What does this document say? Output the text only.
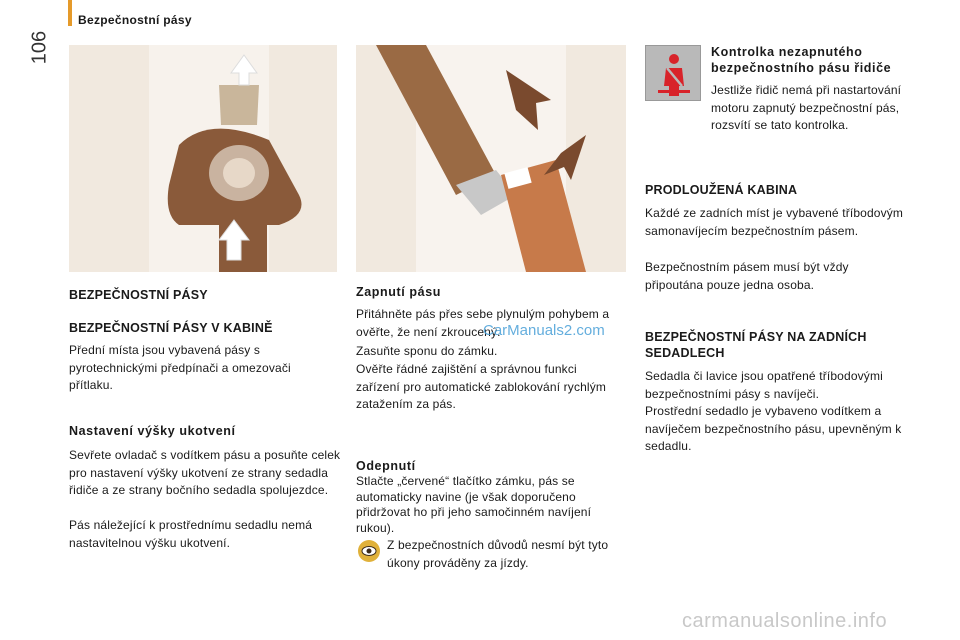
106
Bezpečnostní pásy
BEZPEČNOSTNÍ PÁSY
BEZPEČNOSTNÍ PÁSY V KABINĚ

Přední místa jsou vybavená pásy s pyrotechnickými předpínači a omezovači přítlaku.

Nastavení výšky ukotvení

Sevřete ovladač s vodítkem pásu a posuňte celek pro nastavení výšky ukotvení ze strany sedadla řidiče a ze strany bočního sedadla spolujezdce.

Pás náležející k prostřednímu sedadlu nemá nastavitelnou výšku ukotvení.

Zapnutí pásu

Přitáhněte pás přes sebe plynulým pohybem a ověřte, že není zkroucený.

Zasuňte sponu do zámku.

Ověřte řádné zajištění a správnou funkci zařízení pro automatické zablokování rychlým zatažením za pás.

Odepnutí

Stlačte „červené“ tlačítko zámku, pás se automaticky navine (je však doporučeno přidržovat ho při jeho samočinném navíjení rukou).

Z bezpečnostních důvodů nesmí být tyto úkony prováděny za jízdy.

Kontrolka nezapnutého bezpečnostního pásu řidiče

Jestliže řidič nemá při nastartování motoru zapnutý bezpečnostní pás, rozsvítí se tato kontrolka.

PRODLOUŽENÁ KABINA

Každé ze zadních míst je vybavené tříbodovým samonavíjecím bezpečnostním pásem.

Bezpečnostním pásem musí být vždy připoutána pouze jedna osoba.

BEZPEČNOSTNÍ PÁSY NA ZADNÍCH SEDADLECH

Sedadla či lavice jsou opatřené tříbodovými bezpečnostními pásy s navíječi.

Prostřední sedadlo je vybaveno vodítkem a navíječem bezpečnostního pásu, upevněným k sedadlu.

CarManuals2.com
carmanualsonline.info
